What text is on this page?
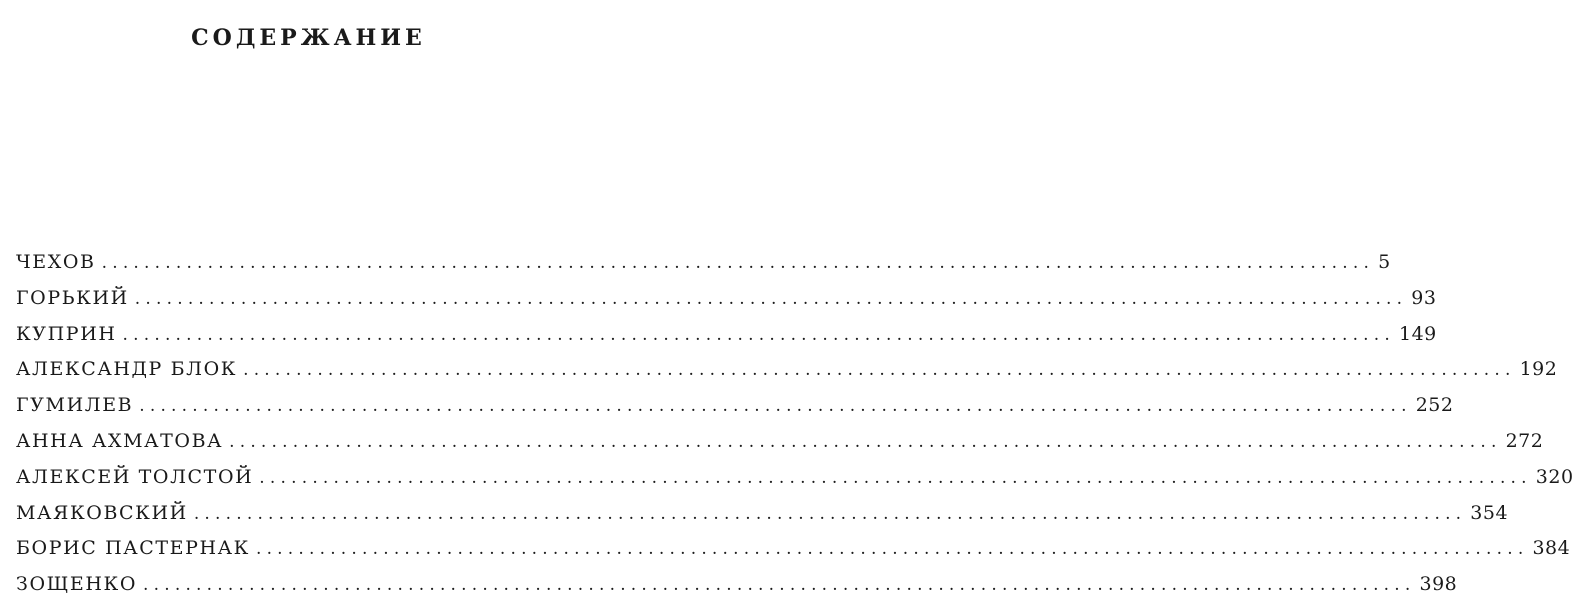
СОДЕРЖАНИЕ
ЧЕХОВ ........................................................................................................................ 5
ГОРЬКИЙ ........................................................................................................................ 93
КУПРИН ........................................................................................................................ 149
АЛЕКСАНДР БЛОК ........................................................................................................................ 192
ГУМИЛЕВ ........................................................................................................................ 252
АННА АХМАТОВА ........................................................................................................................ 272
АЛЕКСЕЙ ТОЛСТОЙ ........................................................................................................................ 320
МАЯКОВСКИЙ ........................................................................................................................ 354
БОРИС ПАСТЕРНАК ........................................................................................................................ 384
ЗОЩЕНКО ........................................................................................................................ 398
